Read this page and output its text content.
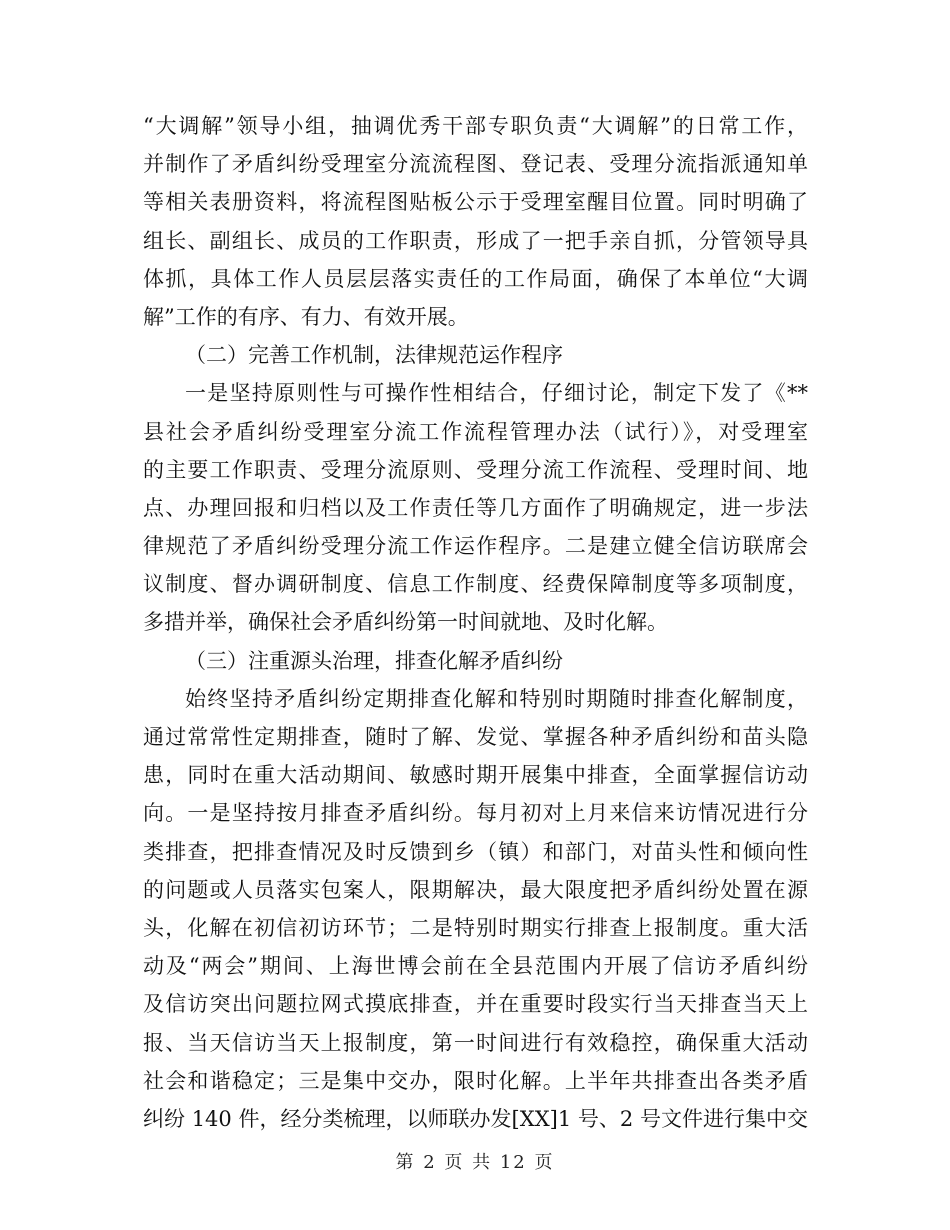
“大调解”领导小组，抽调优秀干部专职负责“大调解”的日常工作，
并制作了矛盾纠纷受理室分流流程图、登记表、受理分流指派通知单
等相关表册资料，将流程图贴板公示于受理室醒目位置。同时明确了
组长、副组长、成员的工作职责，形成了一把手亲自抓，分管领导具
体抓，具体工作人员层层落实责任的工作局面，确保了本单位“大调
解”工作的有序、有力、有效开展。
（二）完善工作机制，法律规范运作程序
一是坚持原则性与可操作性相结合，仔细讨论，制定下发了《**
县社会矛盾纠纷受理室分流工作流程管理办法（试行）》，对受理室
的主要工作职责、受理分流原则、受理分流工作流程、受理时间、地
点、办理回报和归档以及工作责任等几方面作了明确规定，进一步法
律规范了矛盾纠纷受理分流工作运作程序。二是建立健全信访联席会
议制度、督办调研制度、信息工作制度、经费保障制度等多项制度，
多措并举，确保社会矛盾纠纷第一时间就地、及时化解。
（三）注重源头治理，排查化解矛盾纠纷
始终坚持矛盾纠纷定期排查化解和特别时期随时排查化解制度，
通过常常性定期排查，随时了解、发觉、掌握各种矛盾纠纷和苗头隐
患，同时在重大活动期间、敏感时期开展集中排查，全面掌握信访动
向。一是坚持按月排查矛盾纠纷。每月初对上月来信来访情况进行分
类排查，把排查情况及时反馈到乡（镇）和部门，对苗头性和倾向性
的问题或人员落实包案人，限期解决，最大限度把矛盾纠纷处置在源
头，化解在初信初访环节；二是特别时期实行排查上报制度。重大活
动及“两会”期间、上海世博会前在全县范围内开展了信访矛盾纠纷
及信访突出问题拉网式摸底排查，并在重要时段实行当天排查当天上
报、当天信访当天上报制度，第一时间进行有效稳控，确保重大活动
社会和谐稳定；三是集中交办，限时化解。上半年共排查出各类矛盾
纠纷 140 件，经分类梳理，以师联办发[XX]1 号、2 号文件进行集中交
第 2 页 共 12 页
